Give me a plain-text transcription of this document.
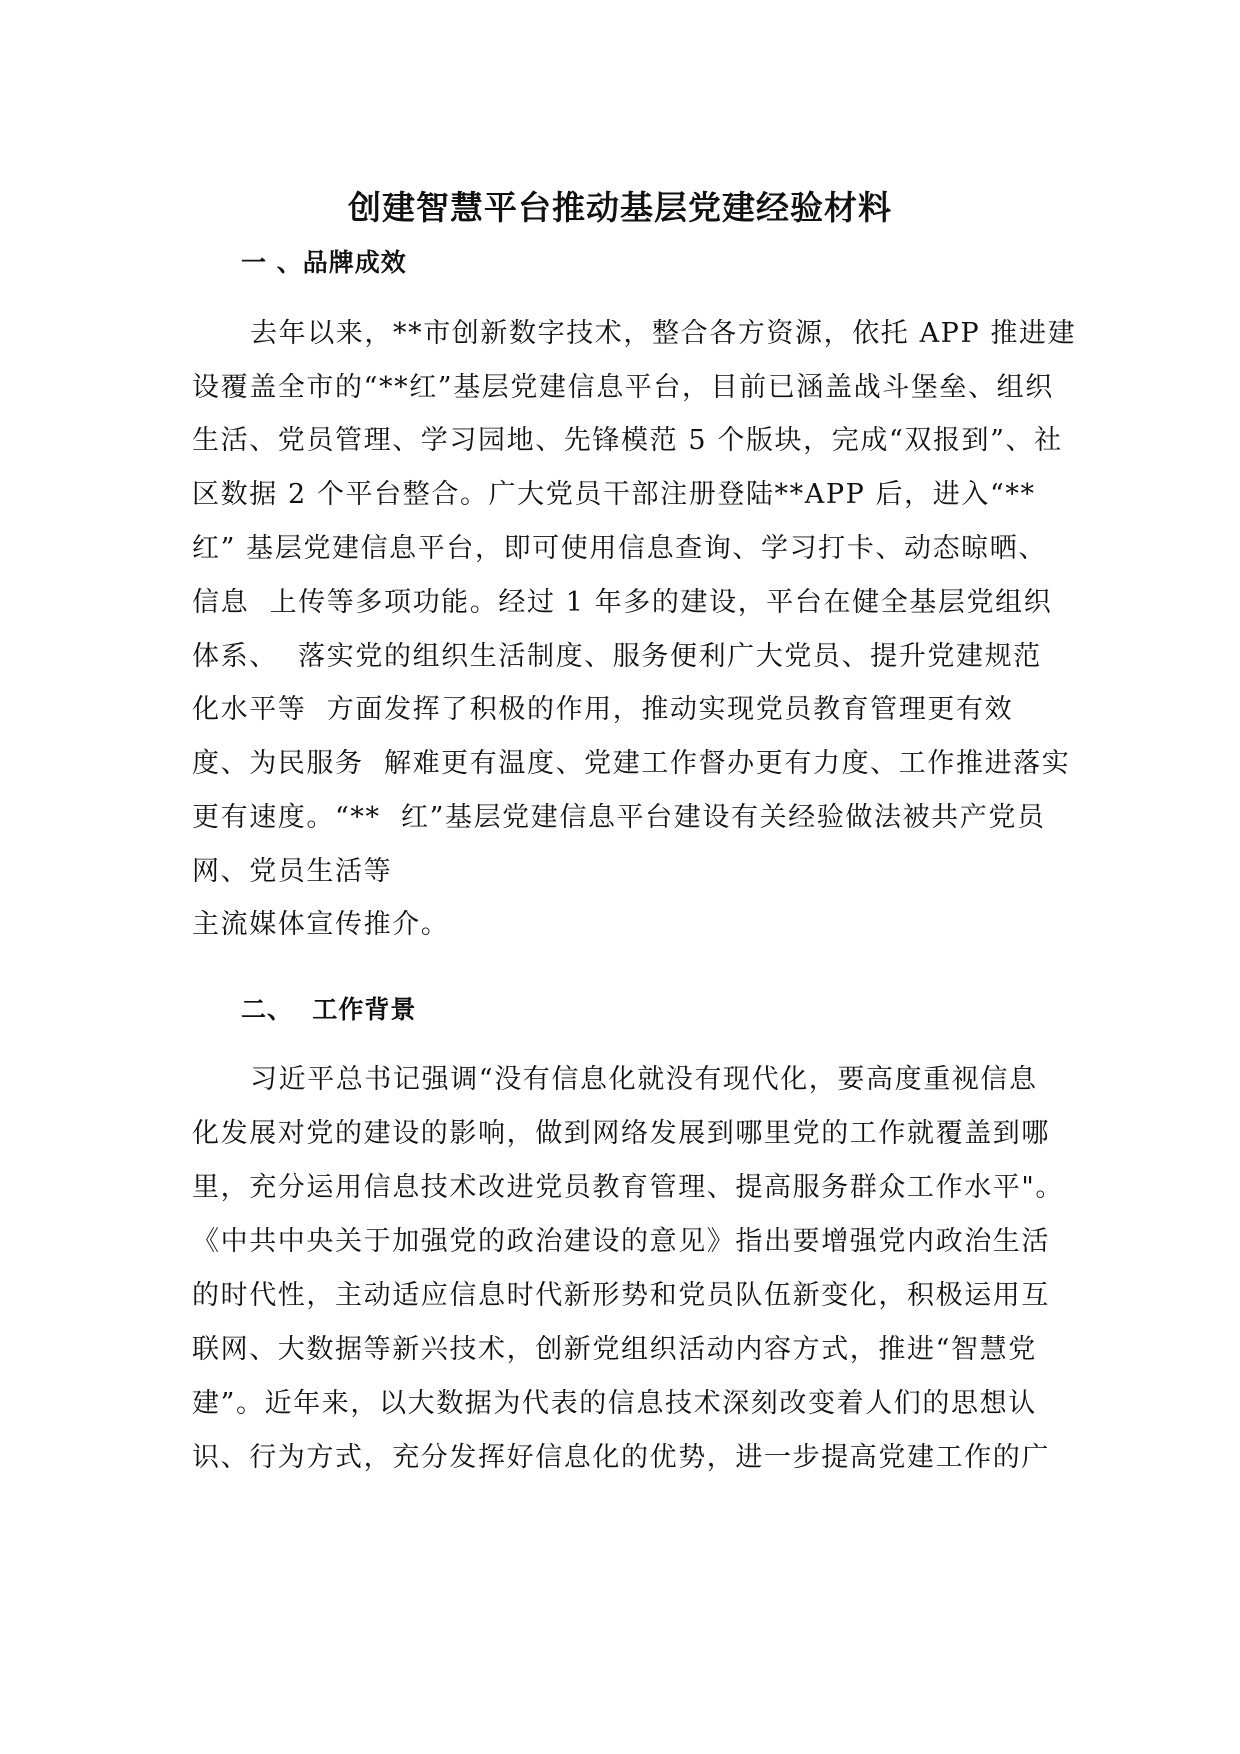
创建智慧平台推动基层党建经验材料
一 、品牌成效

去年以来，**市创新数字技术，整合各方资源，依托 APP 推进建

设覆盖全市的“**红”基层党建信息平台，目前已涵盖战斗堡垒、组织

生活、党员管理、学习园地、先锋模范 5 个版块，完成“双报到”、社

区数据 2 个平台整合。广大党员干部注册登陆**APP 后，进入“**

红” 基层党建信息平台，即可使用信息查询、学习打卡、动态晾晒、

信息  上传等多项功能。经过 1 年多的建设，平台在健全基层党组织

体系、  落实党的组织生活制度、服务便利广大党员、提升党建规范

化水平等  方面发挥了积极的作用，推动实现党员教育管理更有效

度、为民服务  解难更有温度、党建工作督办更有力度、工作推进落实

更有速度。“**  红”基层党建信息平台建设有关经验做法被共产党员

网、党员生活等

主流媒体宣传推介。

二、  工作背景

习近平总书记强调“没有信息化就没有现代化，要高度重视信息

化发展对党的建设的影响，做到网络发展到哪里党的工作就覆盖到哪

里，充分运用信息技术改进党员教育管理、提高服务群众工作水平"。

《中共中央关于加强党的政治建设的意见》指出要增强党内政治生活

的时代性，主动适应信息时代新形势和党员队伍新变化，积极运用互

联网、大数据等新兴技术，创新党组织活动内容方式，推进“智慧党

建”。近年来，以大数据为代表的信息技术深刻改变着人们的思想认

识、行为方式，充分发挥好信息化的优势，进一步提高党建工作的广
